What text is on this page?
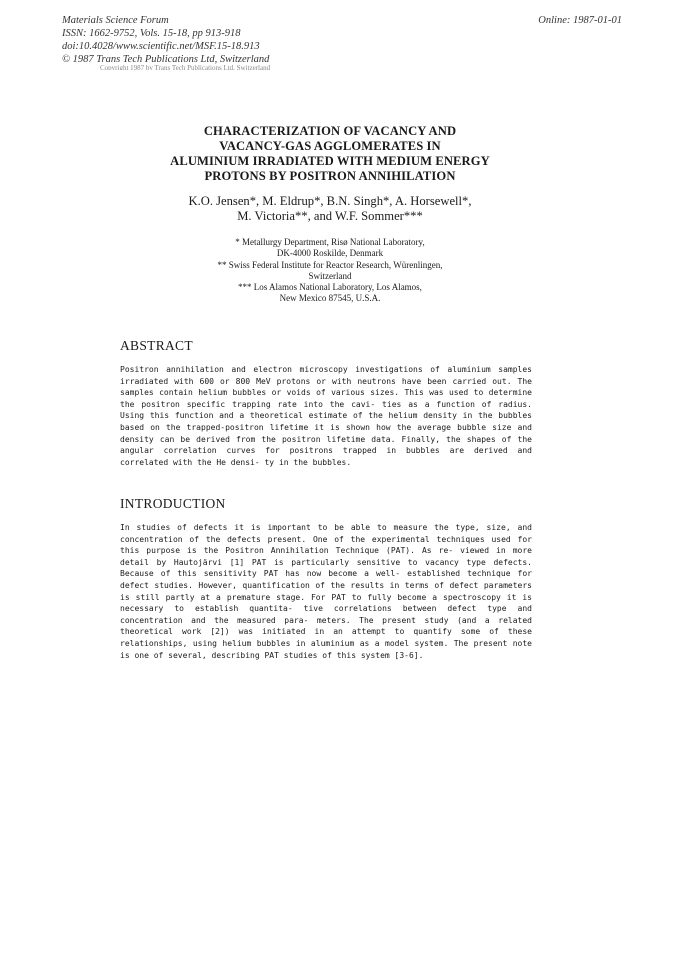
Materials Science Forum
ISSN: 1662-9752, Vols. 15-18, pp 913-918
doi:10.4028/www.scientific.net/MSF.15-18.913
© 1987 Trans Tech Publications Ltd, Switzerland
Online: 1987-01-01
Copyright 1987 by Trans Tech Publications Ltd, Switzerland
CHARACTERIZATION OF VACANCY AND
VACANCY-GAS AGGLOMERATES IN
ALUMINIUM IRRADIATED WITH MEDIUM ENERGY
PROTONS BY POSITRON ANNIHILATION
K.O. Jensen*, M. Eldrup*, B.N. Singh*, A. Horsewell*,
M. Victoria**, and W.F. Sommer***
* Metallurgy Department, Risø National Laboratory,
DK-4000 Roskilde, Denmark
** Swiss Federal Institute for Reactor Research, Würenlingen,
Switzerland
*** Los Alamos National Laboratory, Los Alamos,
New Mexico 87545, U.S.A.
ABSTRACT
Positron annihilation and electron microscopy investigations of aluminium samples irradiated with 600 or 800 MeV protons or with neutrons have been carried out. The samples contain helium bubbles or voids of various sizes. This was used to determine the positron specific trapping rate into the cavi- ties as a function of radius. Using this function and a theoretical estimate of the helium density in the bubbles based on the trapped-positron lifetime it is shown how the average bubble size and density can be derived from the positron lifetime data. Finally, the shapes of the angular correlation curves for positrons trapped in bubbles are derived and correlated with the He densi- ty in the bubbles.
INTRODUCTION
In studies of defects it is important to be able to measure the type, size, and concentration of the defects present. One of the experimental techniques used for this purpose is the Positron Annihilation Technique (PAT). As re- viewed in more detail by Hautojärvi [1] PAT is particularly sensitive to vacancy type defects. Because of this sensitivity PAT has now become a well- established technique for defect studies. However, quantification of the results in terms of defect parameters is still partly at a premature stage. For PAT to fully become a spectroscopy it is necessary to establish quantita- tive correlations between defect type and concentration and the measured para- meters. The present study (and a related theoretical work [2]) was initiated in an attempt to quantify some of these relationships, using helium bubbles in aluminium as a model system. The present note is one of several, describing PAT studies of this system [3-6].
